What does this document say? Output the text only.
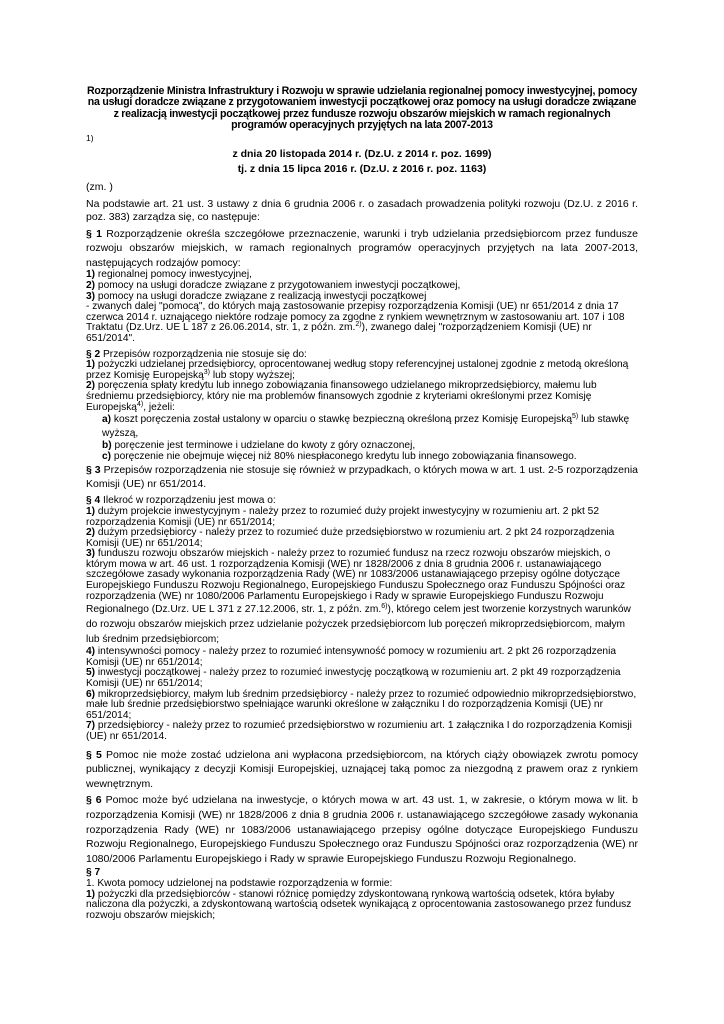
Rozporządzenie Ministra Infrastruktury i Rozwoju w sprawie udzielania regionalnej pomocy inwestycyjnej, pomocy na usługi doradcze związane z przygotowaniem inwestycji początkowej oraz pomocy na usługi doradcze związane z realizacją inwestycji początkowej przez fundusze rozwoju obszarów miejskich w ramach regionalnych programów operacyjnych przyjętych na lata 2007-2013
1)
z dnia 20 listopada 2014 r. (Dz.U. z 2014 r. poz. 1699)
tj. z dnia 15 lipca 2016 r. (Dz.U. z 2016 r. poz. 1163)
(zm. )
Na podstawie art. 21 ust. 3 ustawy z dnia 6 grudnia 2006 r. o zasadach prowadzenia polityki rozwoju (Dz.U. z 2016 r. poz. 383) zarządza się, co następuje:
§ 1 Rozporządzenie określa szczegółowe przeznaczenie, warunki i tryb udzielania przedsiębiorcom przez fundusze rozwoju obszarów miejskich, w ramach regionalnych programów operacyjnych przyjętych na lata 2007-2013, następujących rodzajów pomocy:
1) regionalnej pomocy inwestycyjnej,
2) pomocy na usługi doradcze związane z przygotowaniem inwestycji początkowej,
3) pomocy na usługi doradcze związane z realizacją inwestycji początkowej
- zwanych dalej "pomocą", do których mają zastosowanie przepisy rozporządzenia Komisji (UE) nr 651/2014 z dnia 17 czerwca 2014 r. uznającego niektóre rodzaje pomocy za zgodne z rynkiem wewnętrznym w zastosowaniu art. 107 i 108 Traktatu (Dz.Urz. UE L 187 z 26.06.2014, str. 1, z późn. zm.$^{2)}$), zwanego dalej "rozporządzeniem Komisji (UE) nr 651/2014".
§ 2 Przepisów rozporządzenia nie stosuje się do:
1) pożyczki udzielanej przedsiębiorcy, oprocentowanej według stopy referencyjnej ustalonej zgodnie z metodą określoną przez Komisję Europejską$^{3)}$ lub stopy wyższej;
2) poręczenia spłaty kredytu lub innego zobowiązania finansowego udzielanego mikroprzedsiębiorcy, małemu lub średniemu przedsiębiorcy, który nie ma problemów finansowych zgodnie z kryteriami określonymi przez Komisję Europejską$^{4)}$, jeżeli:
a) koszt poręczenia został ustalony w oparciu o stawkę bezpieczną określoną przez Komisję Europejską$^{5)}$ lub stawkę wyższą,
b) poręczenie jest terminowe i udzielane do kwoty z góry oznaczonej,
c) poręczenie nie obejmuje więcej niż 80% niespłaconego kredytu lub innego zobowiązania finansowego.
§ 3 Przepisów rozporządzenia nie stosuje się również w przypadkach, o których mowa w art. 1 ust. 2-5 rozporządzenia Komisji (UE) nr 651/2014.
§ 4 Ilekroć w rozporządzeniu jest mowa o:
1) dużym projekcie inwestycyjnym - należy przez to rozumieć duży projekt inwestycyjny w rozumieniu art. 2 pkt 52 rozporządzenia Komisji (UE) nr 651/2014;
2) dużym przedsiębiorcy - należy przez to rozumieć duże przedsiębiorstwo w rozumieniu art. 2 pkt 24 rozporządzenia Komisji (UE) nr 651/2014;
3) funduszu rozwoju obszarów miejskich - należy przez to rozumieć fundusz na rzecz rozwoju obszarów miejskich, o którym mowa w art. 46 ust. 1 rozporządzenia Komisji (WE) nr 1828/2006 z dnia 8 grudnia 2006 r. ustanawiającego szczegółowe zasady wykonania rozporządzenia Rady (WE) nr 1083/2006 ustanawiającego przepisy ogólne dotyczące Europejskiego Funduszu Rozwoju Regionalnego, Europejskiego Funduszu Społecznego oraz Funduszu Spójności oraz rozporządzenia (WE) nr 1080/2006 Parlamentu Europejskiego i Rady w sprawie Europejskiego Funduszu Rozwoju Regionalnego (Dz.Urz. UE L 371 z 27.12.2006, str. 1, z późn. zm.$^{6)}$), którego celem jest tworzenie korzystnych warunków do rozwoju obszarów miejskich przez udzielanie pożyczek przedsiębiorcom lub poręczeń mikroprzedsiębiorcom, małym lub średnim przedsiębiorcom;
4) intensywności pomocy - należy przez to rozumieć intensywność pomocy w rozumieniu art. 2 pkt 26 rozporządzenia Komisji (UE) nr 651/2014;
5) inwestycji początkowej - należy przez to rozumieć inwestycję początkową w rozumieniu art. 2 pkt 49 rozporządzenia Komisji (UE) nr 651/2014;
6) mikroprzedsiębiorcy, małym lub średnim przedsiębiorcy - należy przez to rozumieć odpowiednio mikroprzedsiębiorstwo, małe lub średnie przedsiębiorstwo spełniające warunki określone w załączniku I do rozporządzenia Komisji (UE) nr 651/2014;
7) przedsiębiorcy - należy przez to rozumieć przedsiębiorstwo w rozumieniu art. 1 załącznika I do rozporządzenia Komisji (UE) nr 651/2014.
§ 5 Pomoc nie może zostać udzielona ani wypłacona przedsiębiorcom, na których ciąży obowiązek zwrotu pomocy publicznej, wynikający z decyzji Komisji Europejskiej, uznającej taką pomoc za niezgodną z prawem oraz z rynkiem wewnętrznym.
§ 6 Pomoc może być udzielana na inwestycje, o których mowa w art. 43 ust. 1, w zakresie, o którym mowa w lit. b rozporządzenia Komisji (WE) nr 1828/2006 z dnia 8 grudnia 2006 r. ustanawiającego szczegółowe zasady wykonania rozporządzenia Rady (WE) nr 1083/2006 ustanawiającego przepisy ogólne dotyczące Europejskiego Funduszu Rozwoju Regionalnego, Europejskiego Funduszu Społecznego oraz Funduszu Spójności oraz rozporządzenia (WE) nr 1080/2006 Parlamentu Europejskiego i Rady w sprawie Europejskiego Funduszu Rozwoju Regionalnego.
§ 7
1. Kwota pomocy udzielonej na podstawie rozporządzenia w formie:
1) pożyczki dla przedsiębiorców - stanowi różnicę pomiędzy zdyskontowaną rynkową wartością odsetek, która byłaby naliczona dla pożyczki, a zdyskontowaną wartością odsetek wynikającą z oprocentowania zastosowanego przez fundusz rozwoju obszarów miejskich;
